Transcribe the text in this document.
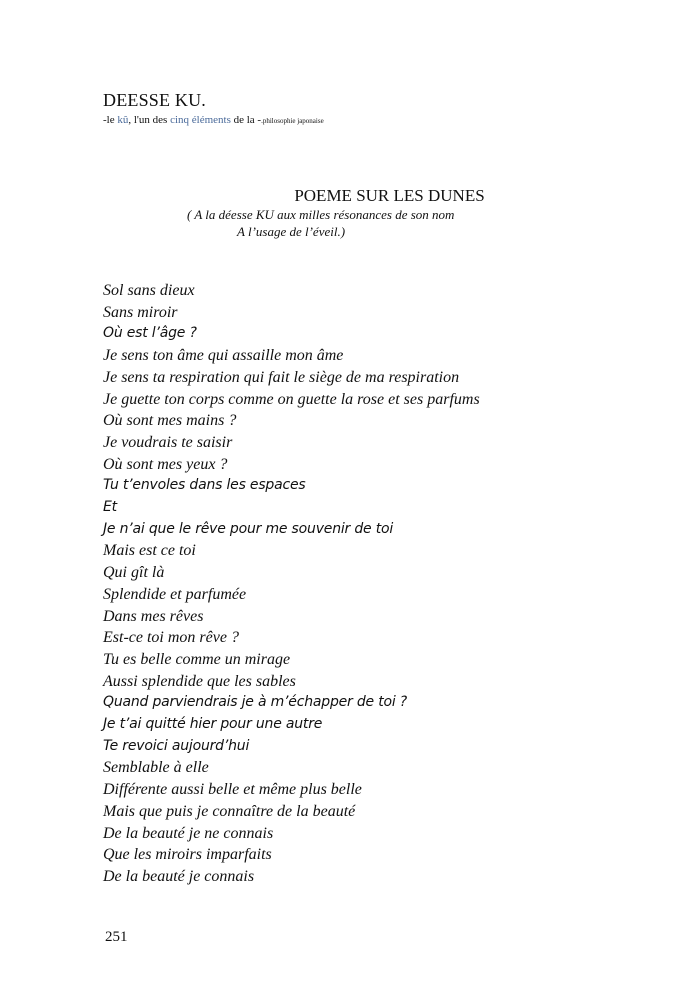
DEESSE KU.
-le kû, l'un des cinq éléments de la -.philosophie japonaise
POEME SUR LES DUNES
( A la déesse KU aux milles résonances de son nom
A l’usage de l’éveil.)
Sol sans dieux
Sans miroir
Où est l’âge ?
Je sens ton âme qui assaille mon âme
Je sens ta respiration qui fait le siège de ma respiration
Je guette ton corps comme on guette la rose et ses parfums
Où sont mes mains ?
Je voudrais te saisir
Où sont mes yeux ?
Tu t’envoles dans les espaces
Et
Je n’ai que le rêve pour me souvenir de toi
Mais est ce toi
Qui gît là
Splendide et parfumée
Dans mes rêves
Est-ce toi mon rêve ?
Tu es belle comme un mirage
Aussi splendide que les sables
Quand parviendrais je à m’échapper de toi ?
Je t’ai quitté hier pour une autre
Te revoici aujourd’hui
Semblable à elle
Différente aussi belle et même plus belle
Mais que puis je connaître de la beauté
De la beauté je ne connais
Que les miroirs imparfaits
De la beauté je connais
251
